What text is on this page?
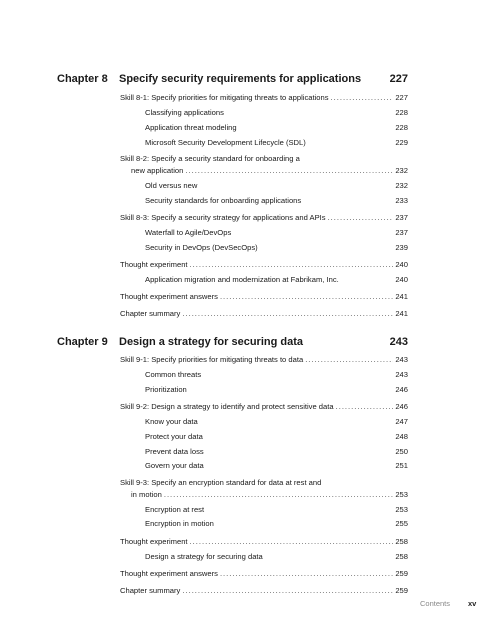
Chapter 8 Specify security requirements for applications	227
Skill 8-1: Specify priorities for mitigating threats to applications .....	227
Classifying applications	228
Application threat modeling	228
Microsoft Security Development Lifecycle (SDL)	229
Skill 8-2: Specify a security standard for onboarding a
new application .....	232
Old versus new	232
Security standards for onboarding applications	233
Skill 8-3: Specify a security strategy for applications and APIs .....	237
Waterfall to Agile/DevOps	237
Security in DevOps (DevSecOps)	239
Thought experiment .....	240
Application migration and modernization at Fabrikam, Inc.	240
Thought experiment answers .....	241
Chapter summary .....	241
Chapter 9 Design a strategy for securing data	243
Skill 9-1: Specify priorities for mitigating threats to data .....	243
Common threats	243
Prioritization	246
Skill 9-2: Design a strategy to identify and protect sensitive data .....	246
Know your data	247
Protect your data	248
Prevent data loss	250
Govern your data	251
Skill 9-3: Specify an encryption standard for data at rest and
in motion .....	253
Encryption at rest	253
Encryption in motion	255
Thought experiment .....	258
Design a strategy for securing data	258
Thought experiment answers .....	259
Chapter summary .....	259
Contents xv
